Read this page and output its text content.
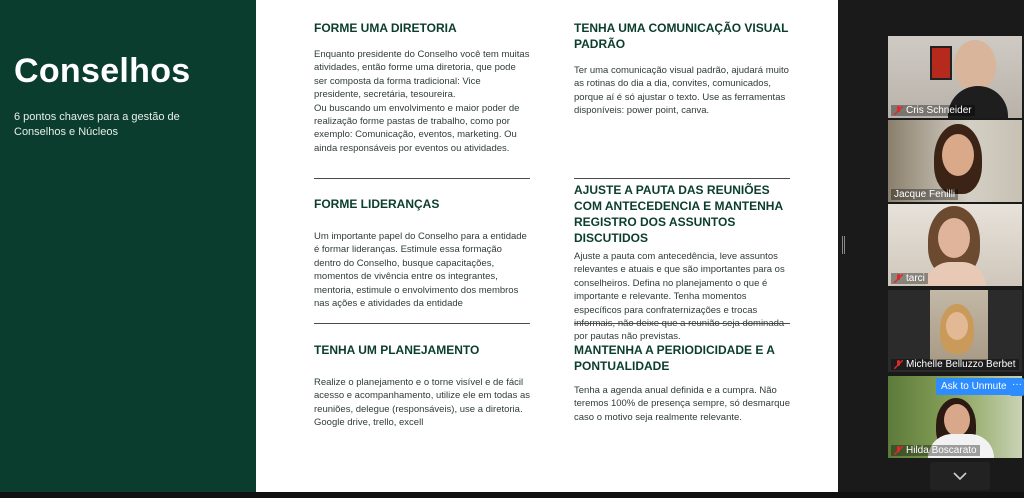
Conselhos
6 pontos chaves para a gestão de Conselhos e Núcleos

FORME UMA DIRETORIA

Enquanto presidente do Conselho você tem muitas atividades, então forme uma diretoria, que pode ser composta da forma tradicional: Vice presidente, secretária, tesoureira.
Ou buscando um envolvimento e maior poder de realização forme pastas de trabalho, como por exemplo: Comunicação, eventos, marketing. Ou ainda responsáveis por eventos ou atividades.

FORME LIDERANÇAS

Um importante papel do Conselho para a entidade é formar lideranças. Estimule essa formação dentro do Conselho, busque capacitações, momentos de vivência entre os integrantes, mentoria, estimule o envolvimento dos membros nas ações e atividades da entidade

TENHA UM PLANEJAMENTO

Realize o planejamento e o torne visível e de fácil acesso e acompanhamento, utilize ele em todas as reuniões, delegue (responsáveis), use a diretoria.
Google drive, trello, excell

TENHA UMA COMUNICAÇÃO VISUAL PADRÃO

Ter uma comunicação visual padrão, ajudará muito as rotinas do dia a dia, convites, comunicados, porque aí é só ajustar o texto. Use as ferramentas disponíveis: power point, canva.

AJUSTE A PAUTA DAS REUNIÕES COM ANTECEDENCIA E MANTENHA REGISTRO DOS ASSUNTOS DISCUTIDOS

Ajuste a pauta com antecedência, leve assuntos relevantes e atuais e que são importantes para os conselheiros. Defina no planejamento o que é importante e relevante. Tenha momentos específicos para confraternizações e trocas por pautas não previstas.

MANTENHA A PERIODICIDADE E A PONTUALIDADE

Tenha a agenda anual definida e a cumpra. Não teremos 100% de presença sempre, só desmarque caso o motivo seja realmente relevante.

Cris Schneider
Jacque Fenilli
tarci
Michelle Belluzzo Berbet
Hilda Boscarato
Ask to Unmute ···
